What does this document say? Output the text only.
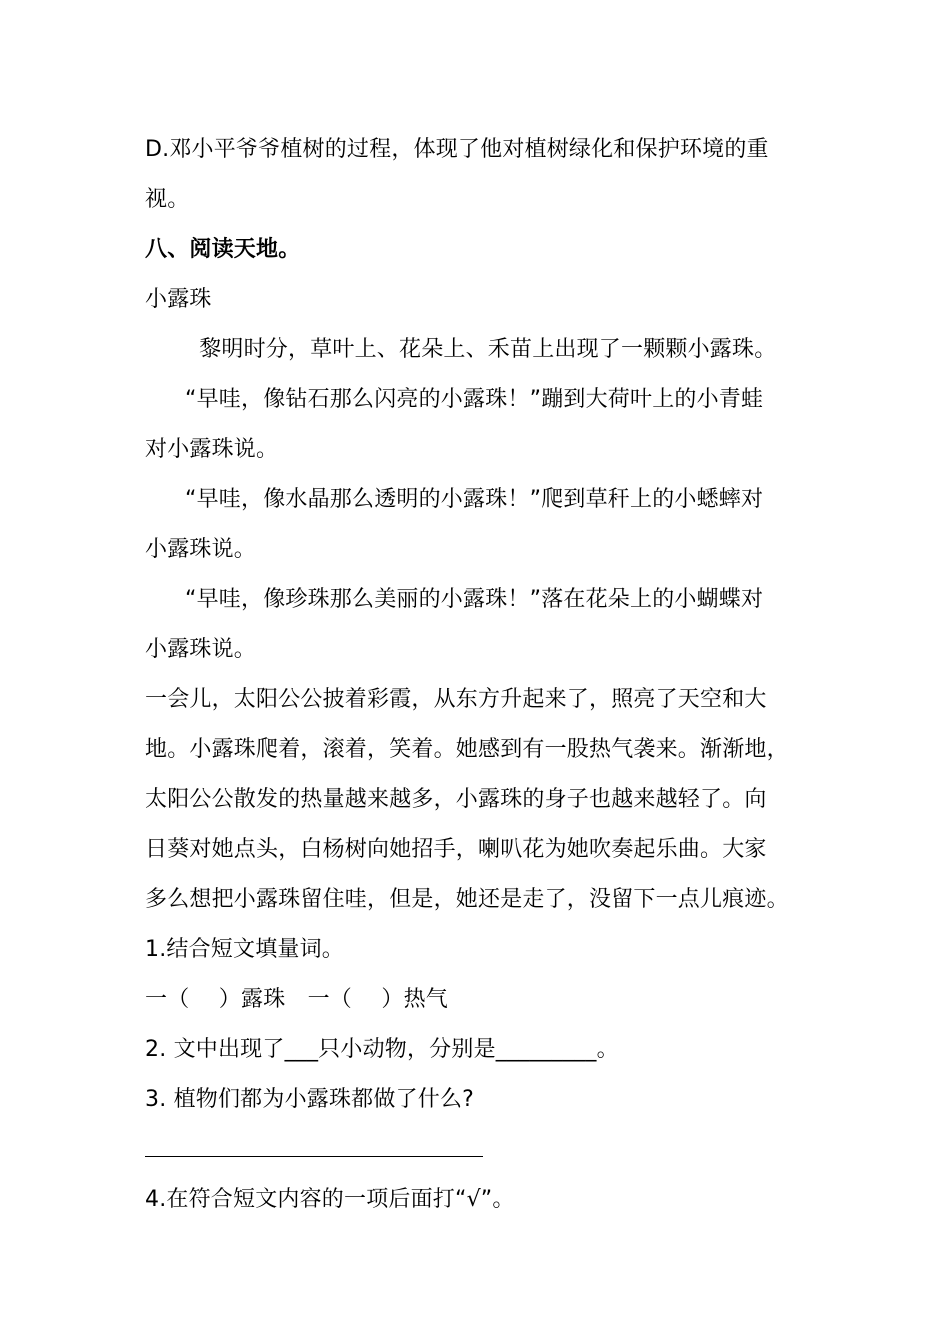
D.邓小平爷爷植树的过程，体现了他对植树绿化和保护环境的重
视。
八、阅读天地。
小露珠
　黎明时分，草叶上、花朵上、禾苗上出现了一颗颗小露珠。
“早哇，像钻石那么闪亮的小露珠！”蹦到大荷叶上的小青蛙
对小露珠说。
“早哇，像水晶那么透明的小露珠！”爬到草秆上的小蟋蟀对
小露珠说。
“早哇，像珍珠那么美丽的小露珠！”落在花朵上的小蝴蝶对
小露珠说。
一会儿，太阳公公披着彩霞，从东方升起来了，照亮了天空和大
地。小露珠爬着，滚着，笑着。她感到有一股热气袭来。渐渐地，
太阳公公散发的热量越来越多，小露珠的身子也越来越轻了。向
日葵对她点头，白杨树向她招手，喇叭花为她吹奏起乐曲。大家
多么想把小露珠留住哇，但是，她还是走了，没留下一点儿痕迹。
1.结合短文填量词。
一（　 ）露珠　一（　 ）热气
2. 文中出现了___只小动物，分别是_________。
3. 植物们都为小露珠都做了什么?
4.在符合短文内容的一项后面打“√”。
